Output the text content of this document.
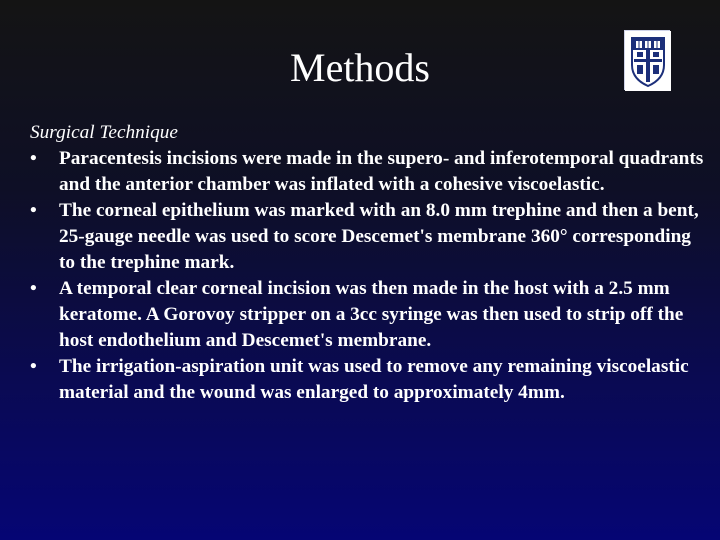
Methods

Surgical Technique

•	Paracentesis incisions were made in the supero- and inferotemporal quadrants and the anterior chamber was inflated with a cohesive viscoelastic.
•	The corneal epithelium was marked with an 8.0 mm trephine and then a bent, 25-gauge needle was used to score Descemet's membrane 360° corresponding to the trephine mark.
•	A temporal clear corneal incision was then made in the host with a 2.5 mm keratome. A Gorovoy stripper on a 3cc syringe was then used to strip off the host endothelium and Descemet's membrane.
•	The irrigation-aspiration unit was used to remove any remaining viscoelastic material and the wound was enlarged to approximately 4mm.
